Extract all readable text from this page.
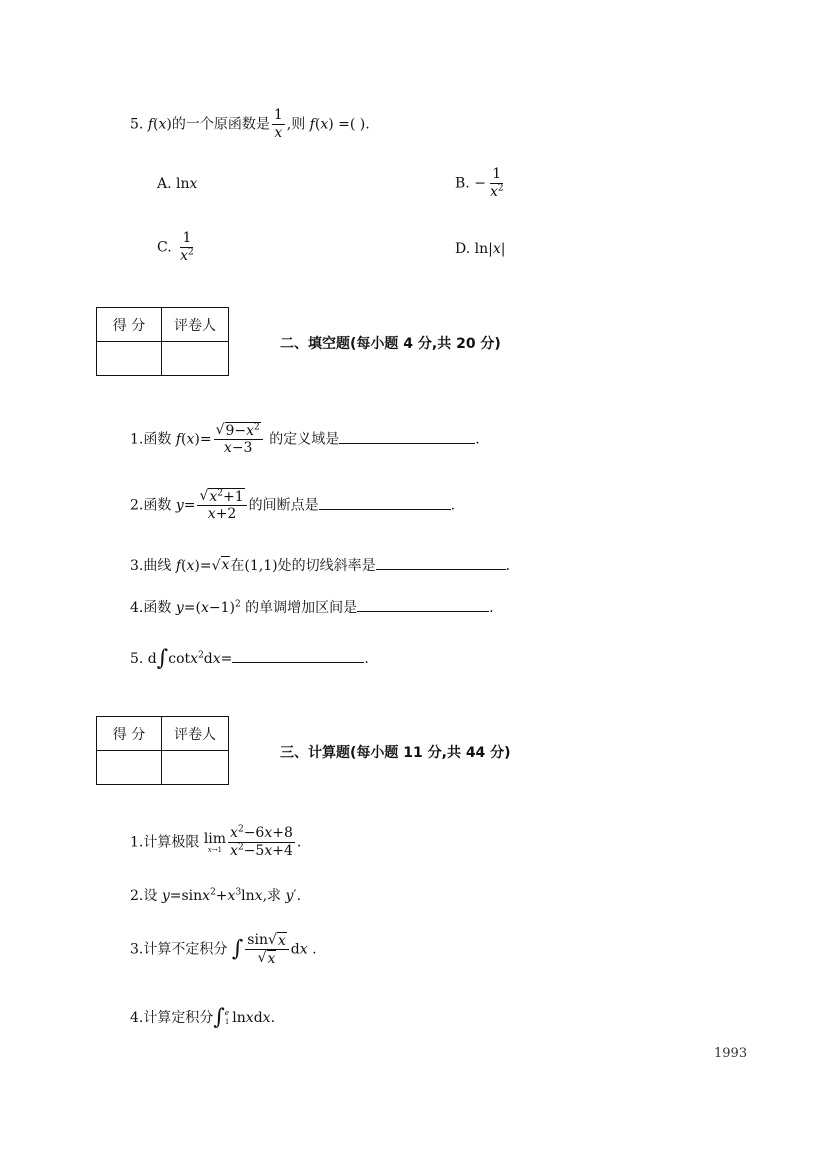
5. f(x)的一个原函数是 $\frac{1}{x}$ ,则 f(x) =( ).
A. lnx	B. − $\frac{1}{x^2}$
C. $\frac{1}{x^2}$	D. ln|x|
得 分	评卷人

二、填空题(每小题 4 分,共 20 分)
1.函数 $f(x)= \frac{√ 9-x^2}{x-3}$ 的定义域是	.
2.函数 $y= \frac{√ x^2+1}{x+2}$ 的间断点是	.
3.曲线 f(x)= √ x 在(1,1)处的切线斜率是	.
4.函数 $y=(x-1)^2$ 的单调增加区间是	.
5. d∫cotx$^2$dx=	.
得 分	评卷人

三、计算题(每小题 11 分,共 44 分)
1.计算极限 lim
$x\to 1 \frac{x^2-6x+8}{x^2-5x+4}$ .
2.设 $y=\sin x^2+x^3\ln x$,求 y′.
3.计算不定积分 ∫ $\frac{\sin √ x}{√ x}$ dx .
4.计算定积分∫ e
1 lnxdx.
1993
